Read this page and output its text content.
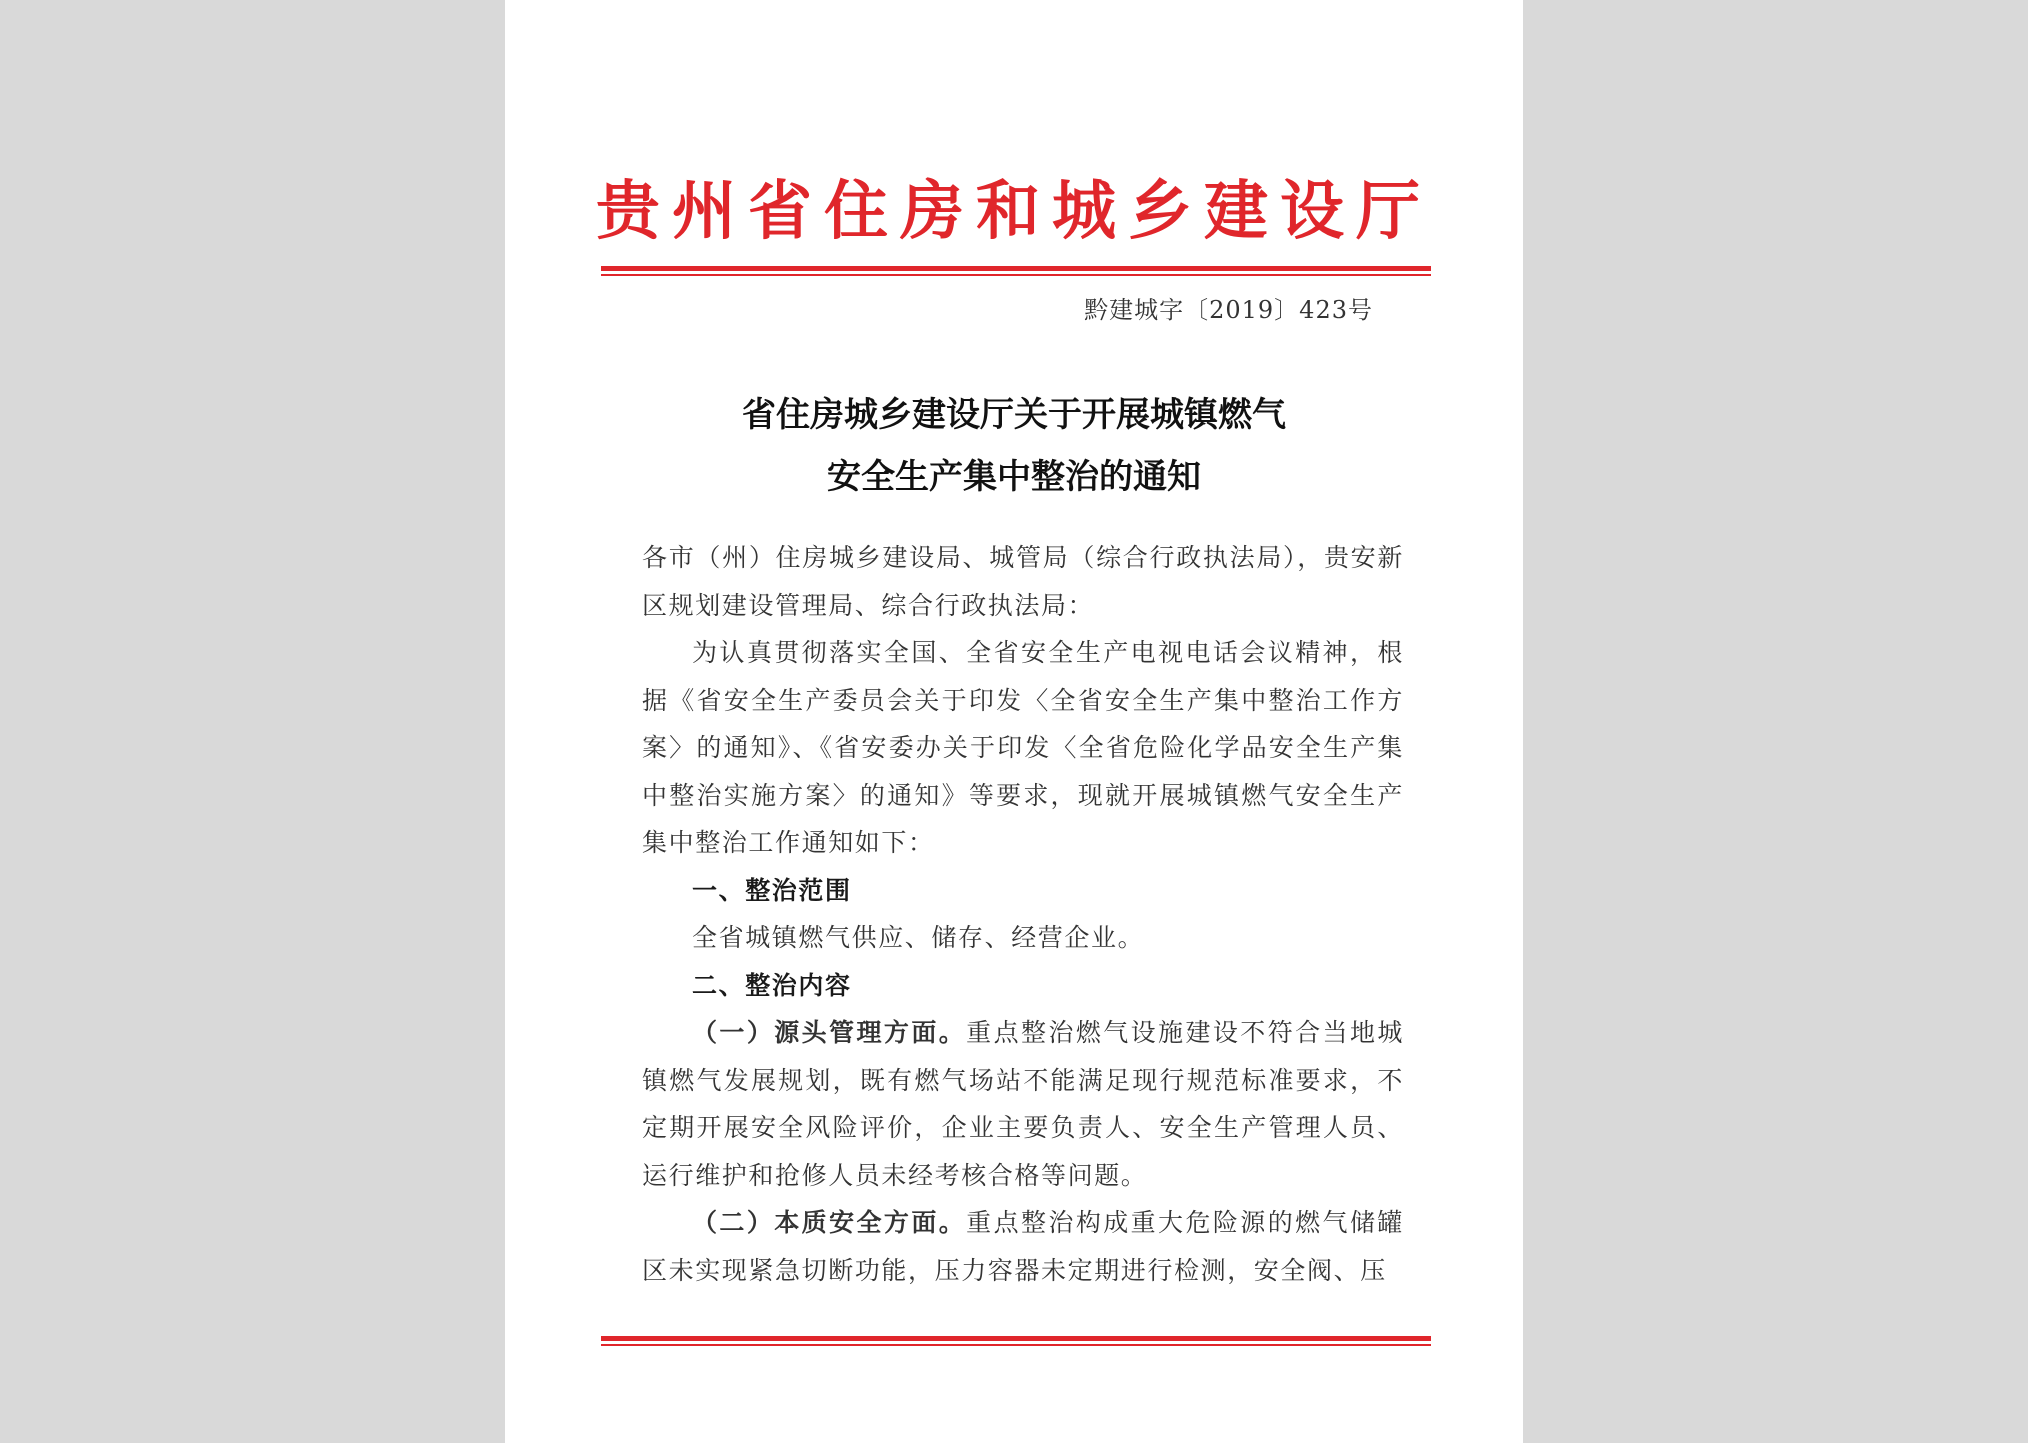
贵州省住房和城乡建设厅
黔建城字〔2019〕423号
省住房城乡建设厅关于开展城镇燃气
安全生产集中整治的通知

各市（州）住房城乡建设局、城管局（综合行政执法局），贵安新区规划建设管理局、综合行政执法局：

为认真贯彻落实全国、全省安全生产电视电话会议精神，根据《省安全生产委员会关于印发〈全省安全生产集中整治工作方案〉的通知》、《省安委办关于印发〈全省危险化学品安全生产集中整治实施方案〉的通知》等要求，现就开展城镇燃气安全生产集中整治工作通知如下：

一、整治范围

全省城镇燃气供应、储存、经营企业。

二、整治内容

（一）源头管理方面。重点整治燃气设施建设不符合当地城镇燃气发展规划，既有燃气场站不能满足现行规范标准要求，不定期开展安全风险评价，企业主要负责人、安全生产管理人员、运行维护和抢修人员未经考核合格等问题。

（二）本质安全方面。重点整治构成重大危险源的燃气储罐区未实现紧急切断功能，压力容器未定期进行检测，安全阀、压
